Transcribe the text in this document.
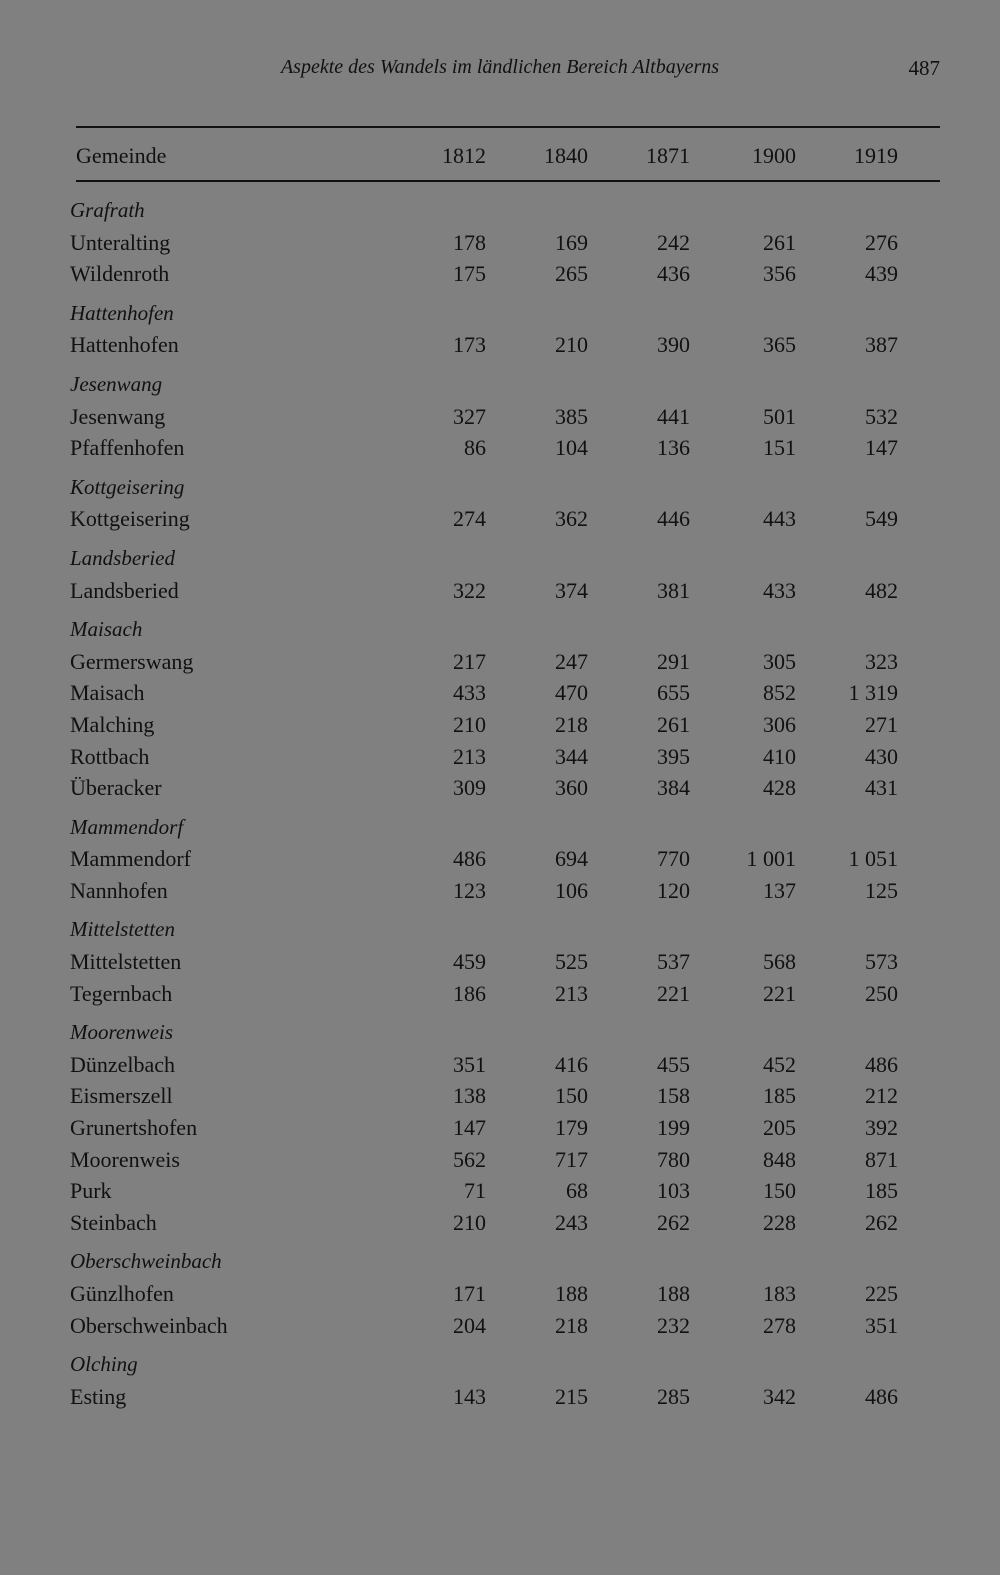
Aspekte des Wandels im ländlichen Bereich Altbayerns	487
Gemeinde	1812	1840	1871	1900	1919
Grafrath
Unteralting	178	169	242	261	276
Wildenroth	175	265	436	356	439
Hattenhofen
Hattenhofen	173	210	390	365	387
Jesenwang
Jesenwang	327	385	441	501	532
Pfaffenhofen	86	104	136	151	147
Kottgeisering
Kottgeisering	274	362	446	443	549
Landsberied
Landsberied	322	374	381	433	482
Maisach
Germerswang	217	247	291	305	323
Maisach	433	470	655	852	1 319
Malching	210	218	261	306	271
Rottbach	213	344	395	410	430
Überacker	309	360	384	428	431
Mammendorf
Mammendorf	486	694	770	1 001	1 051
Nannhofen	123	106	120	137	125
Mittelstetten
Mittelstetten	459	525	537	568	573
Tegernbach	186	213	221	221	250
Moorenweis
Dünzelbach	351	416	455	452	486
Eismerszell	138	150	158	185	212
Grunertshofen	147	179	199	205	392
Moorenweis	562	717	780	848	871
Purk	71	68	103	150	185
Steinbach	210	243	262	228	262
Oberschweinbach
Günzlhofen	171	188	188	183	225
Oberschweinbach	204	218	232	278	351
Olching
Esting	143	215	285	342	486
